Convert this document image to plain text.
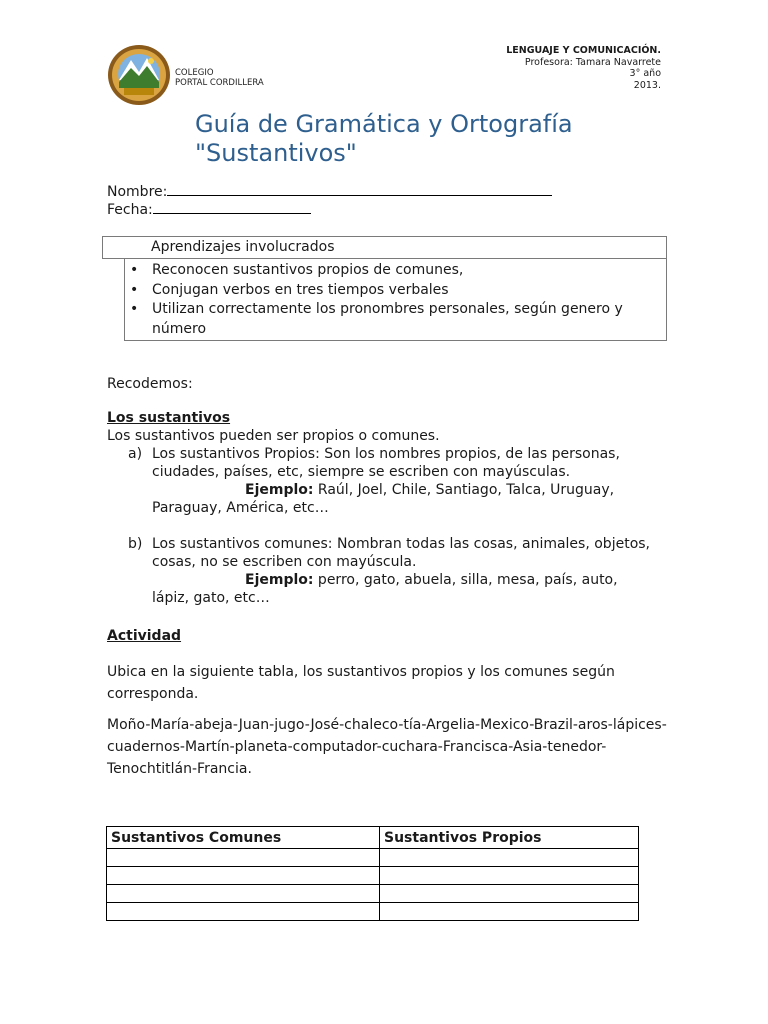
COLEGIO
PORTAL CORDILLERA
LENGUAJE Y COMUNICACIÓN.
Profesora: Tamara Navarrete
3° año
2013.
Guía de Gramática y Ortografía
"Sustantivos"
Nombre:
Fecha:
Aprendizajes involucrados
• Reconocen sustantivos propios de comunes,
• Conjugan verbos en tres tiempos verbales
• Utilizan correctamente los pronombres personales, según genero y número
Recodemos:
Los sustantivos
Los sustantivos pueden ser propios o comunes.
a) Los sustantivos Propios: Son los nombres propios, de las personas, ciudades, países, etc, siempre se escriben con mayúsculas.
Ejemplo: Raúl, Joel, Chile, Santiago, Talca, Uruguay,
Paraguay, América, etc…
b) Los sustantivos comunes: Nombran todas las cosas, animales, objetos, cosas, no se escriben con mayúscula.
Ejemplo: perro, gato, abuela, silla, mesa, país, auto,
lápiz, gato, etc…
Actividad
Ubica en la siguiente tabla, los sustantivos propios y los comunes según corresponda.
Moño-María-abeja-Juan-jugo-José-chaleco-tía-Argelia-Mexico-Brazil-aros-lápices-cuadernos-Martín-planeta-computador-cuchara-Francisca-Asia-tenedor-Tenochtitlán-Francia.
Sustantivos Comunes	Sustantivos Propios
